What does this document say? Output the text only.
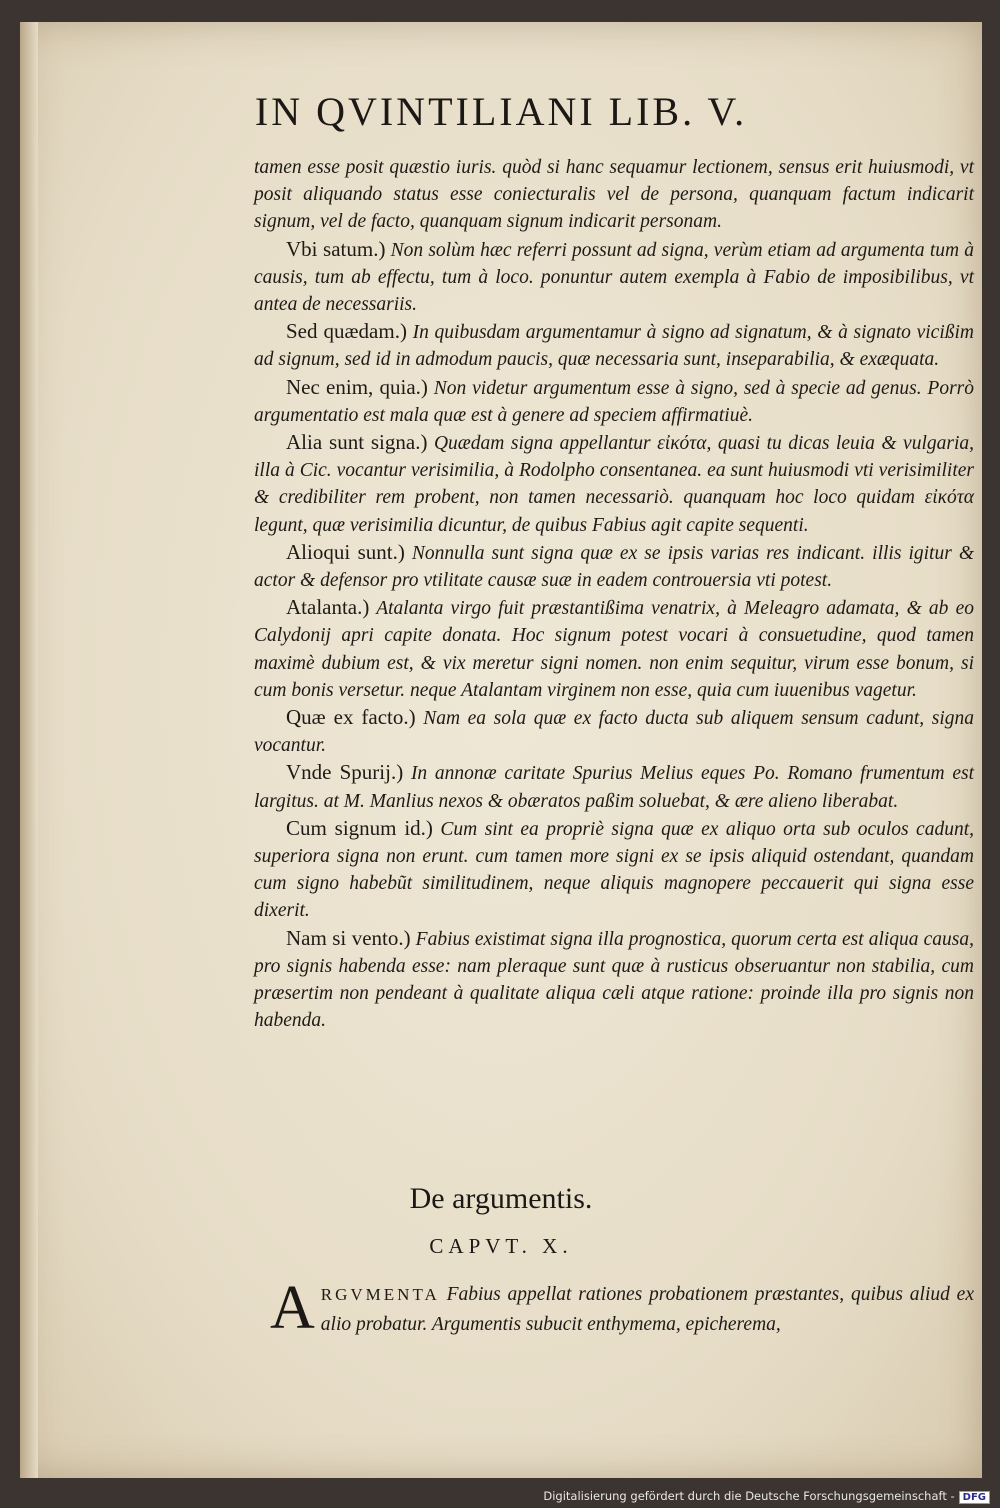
IN QVINTILIANI LIB. V.

tamen esse posit quæstio iuris. quòd si hanc sequamur lectionem, sensus erit huiusmodi, vt posit aliquando status esse coniecturalis vel de persona, quanquam factum indicarit signum, vel de facto, quanquam signum indicarit personam.

Vbi satum.) Non solùm hæc referri possunt ad signa, verùm etiam ad argumenta tum à causis, tum ab effectu, tum à loco. ponuntur autem exempla à Fabio de imposibilibus, vt antea de necessariis.

Sed quædam.) In quibusdam argumentamur à signo ad signatum, & à signato vicißim ad signum, sed id in admodum paucis, quæ necessaria sunt, inseparabilia, & exæquata.

Nec enim, quia.) Non videtur argumentum esse à signo, sed à specie ad genus. Porrò argumentatio est mala quæ est à genere ad speciem affirmatiuè.

Alia sunt signa.) Quædam signa appellantur εἰκότα, quasi tu dicas leuia & vulgaria, illa à Cic. vocantur verisimilia, à Rodolpho consentanea. ea sunt huiusmodi vti verisimiliter & credibiliter rem probent, non tamen necessariò. quanquam hoc loco quidam εἰκότα legunt, quæ verisimilia dicuntur, de quibus Fabius agit capite sequenti.

Alioqui sunt.) Nonnulla sunt signa quæ ex se ipsis varias res indicant. illis igitur & actor & defensor pro vtilitate causæ suæ in eadem controuersia vti potest.

Atalanta.) Atalanta virgo fuit præstantißima venatrix, à Meleagro adamata, & ab eo Calydonij apri capite donata. Hoc signum potest vocari à consuetudine, quod tamen maximè dubium est, & vix meretur signi nomen. non enim sequitur, virum esse bonum, si cum bonis versetur. neque Atalantam virginem non esse, quia cum iuuenibus vagetur.

Quæ ex facto.) Nam ea sola quæ ex facto ducta sub aliquem sensum cadunt, signa vocantur.

Vnde Spurij.) In annonæ caritate Spurius Melius eques Po. Romano frumentum est largitus. at M. Manlius nexos & obæratos paßim soluebat, & ære alieno liberabat.

Cum signum id.) Cum sint ea propriè signa quæ ex aliquo orta sub oculos cadunt, superiora signa non erunt. cum tamen more signi ex se ipsis aliquid ostendant, quandam cum signo habebũt similitudinem, neque aliquis magnopere peccauerit qui signa esse dixerit.

Nam si vento.) Fabius existimat signa illa prognostica, quorum certa est aliqua causa, pro signis habenda esse: nam pleraque sunt quæ à rusticus obseruantur non stabilia, cum præsertim non pendeant à qualitate aliqua cæli atque ratione: proinde illa pro signis non habenda.

De argumentis.
CAPVT. X.
ARGVMENTA Fabius appellat rationes probationem præstantes, quibus aliud ex alio probatur. Argumentis subucit enthymema, epicherema,
Digitalisierung gefördert durch die Deutsche Forschungsgemeinschaft - DFG
